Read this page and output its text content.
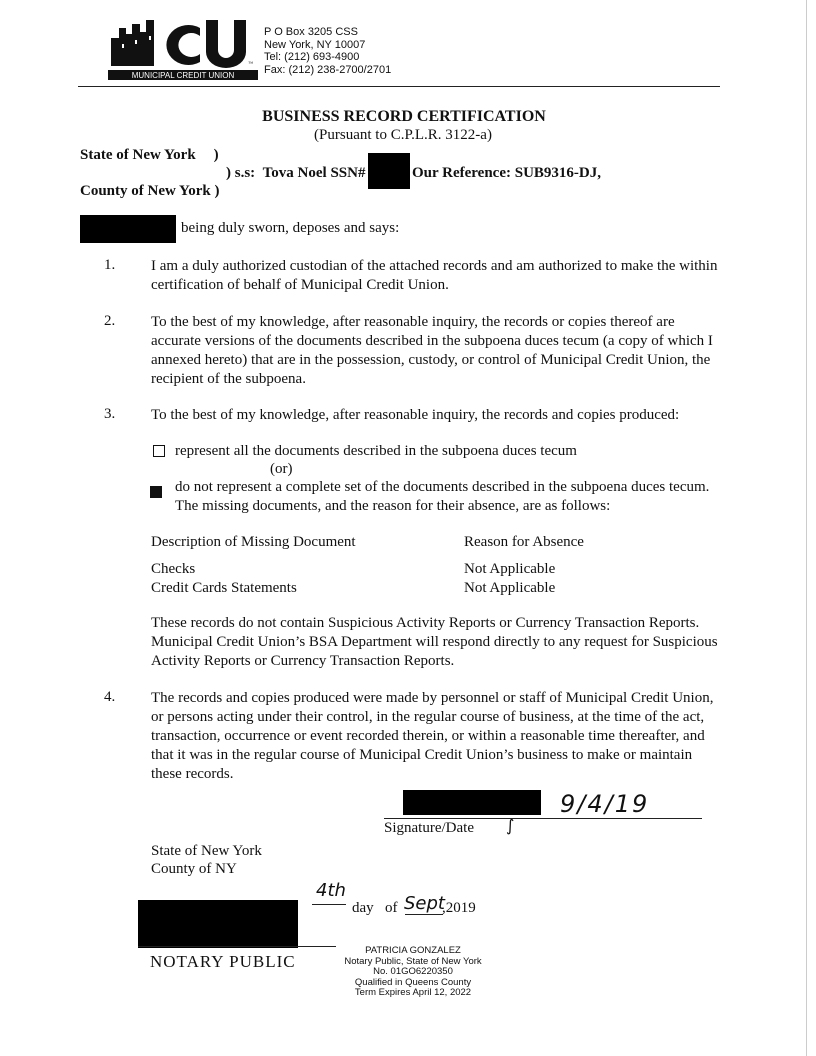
™
MUNICIPAL CREDIT UNION
P O Box 3205 CSS
New York, NY 10007
Tel: (212) 693-4900
Fax: (212) 238-2700/2701
BUSINESS RECORD CERTIFICATION
(Pursuant to C.P.L.R. 3122-a)
State of New York )
) s.s: Tova Noel SSN#	Our Reference: SUB9316-DJ,
County of New York )
being duly sworn, deposes and says:
1. I am a duly authorized custodian of the attached records and am authorized to make the within certification of behalf of Municipal Credit Union.
2. To the best of my knowledge, after reasonable inquiry, the records or copies thereof are accurate versions of the documents described in the subpoena duces tecum (a copy of which I annexed hereto) that are in the possession, custody, or control of Municipal Credit Union, the recipient of the subpoena.
3. To the best of my knowledge, after reasonable inquiry, the records and copies produced:
represent all the documents described in the subpoena duces tecum
(or)
do not represent a complete set of the documents described in the subpoena duces tecum. The missing documents, and the reason for their absence, are as follows:
Description of Missing Document	Reason for Absence
Checks	Not Applicable
Credit Cards Statements	Not Applicable
These records do not contain Suspicious Activity Reports or Currency Transaction Reports. Municipal Credit Union’s BSA Department will respond directly to any request for Suspicious Activity Reports or Currency Transaction Reports.
4. The records and copies produced were made by personnel or staff of Municipal Credit Union, or persons acting under their control, in the regular course of business, at the time of the act, transaction, occurrence or event recorded therein, or within a reasonable time thereafter, and that it was in the regular course of Municipal Credit Union’s business to make or maintain these records.
Signature/Date
9/4/19
∫
State of New York
County of NY
4th
day of Sept
,2019
NOTARY PUBLIC
PATRICIA GONZALEZ
Notary Public, State of New York
No. 01GO6220350
Qualified in Queens County
Term Expires April 12, 2022
